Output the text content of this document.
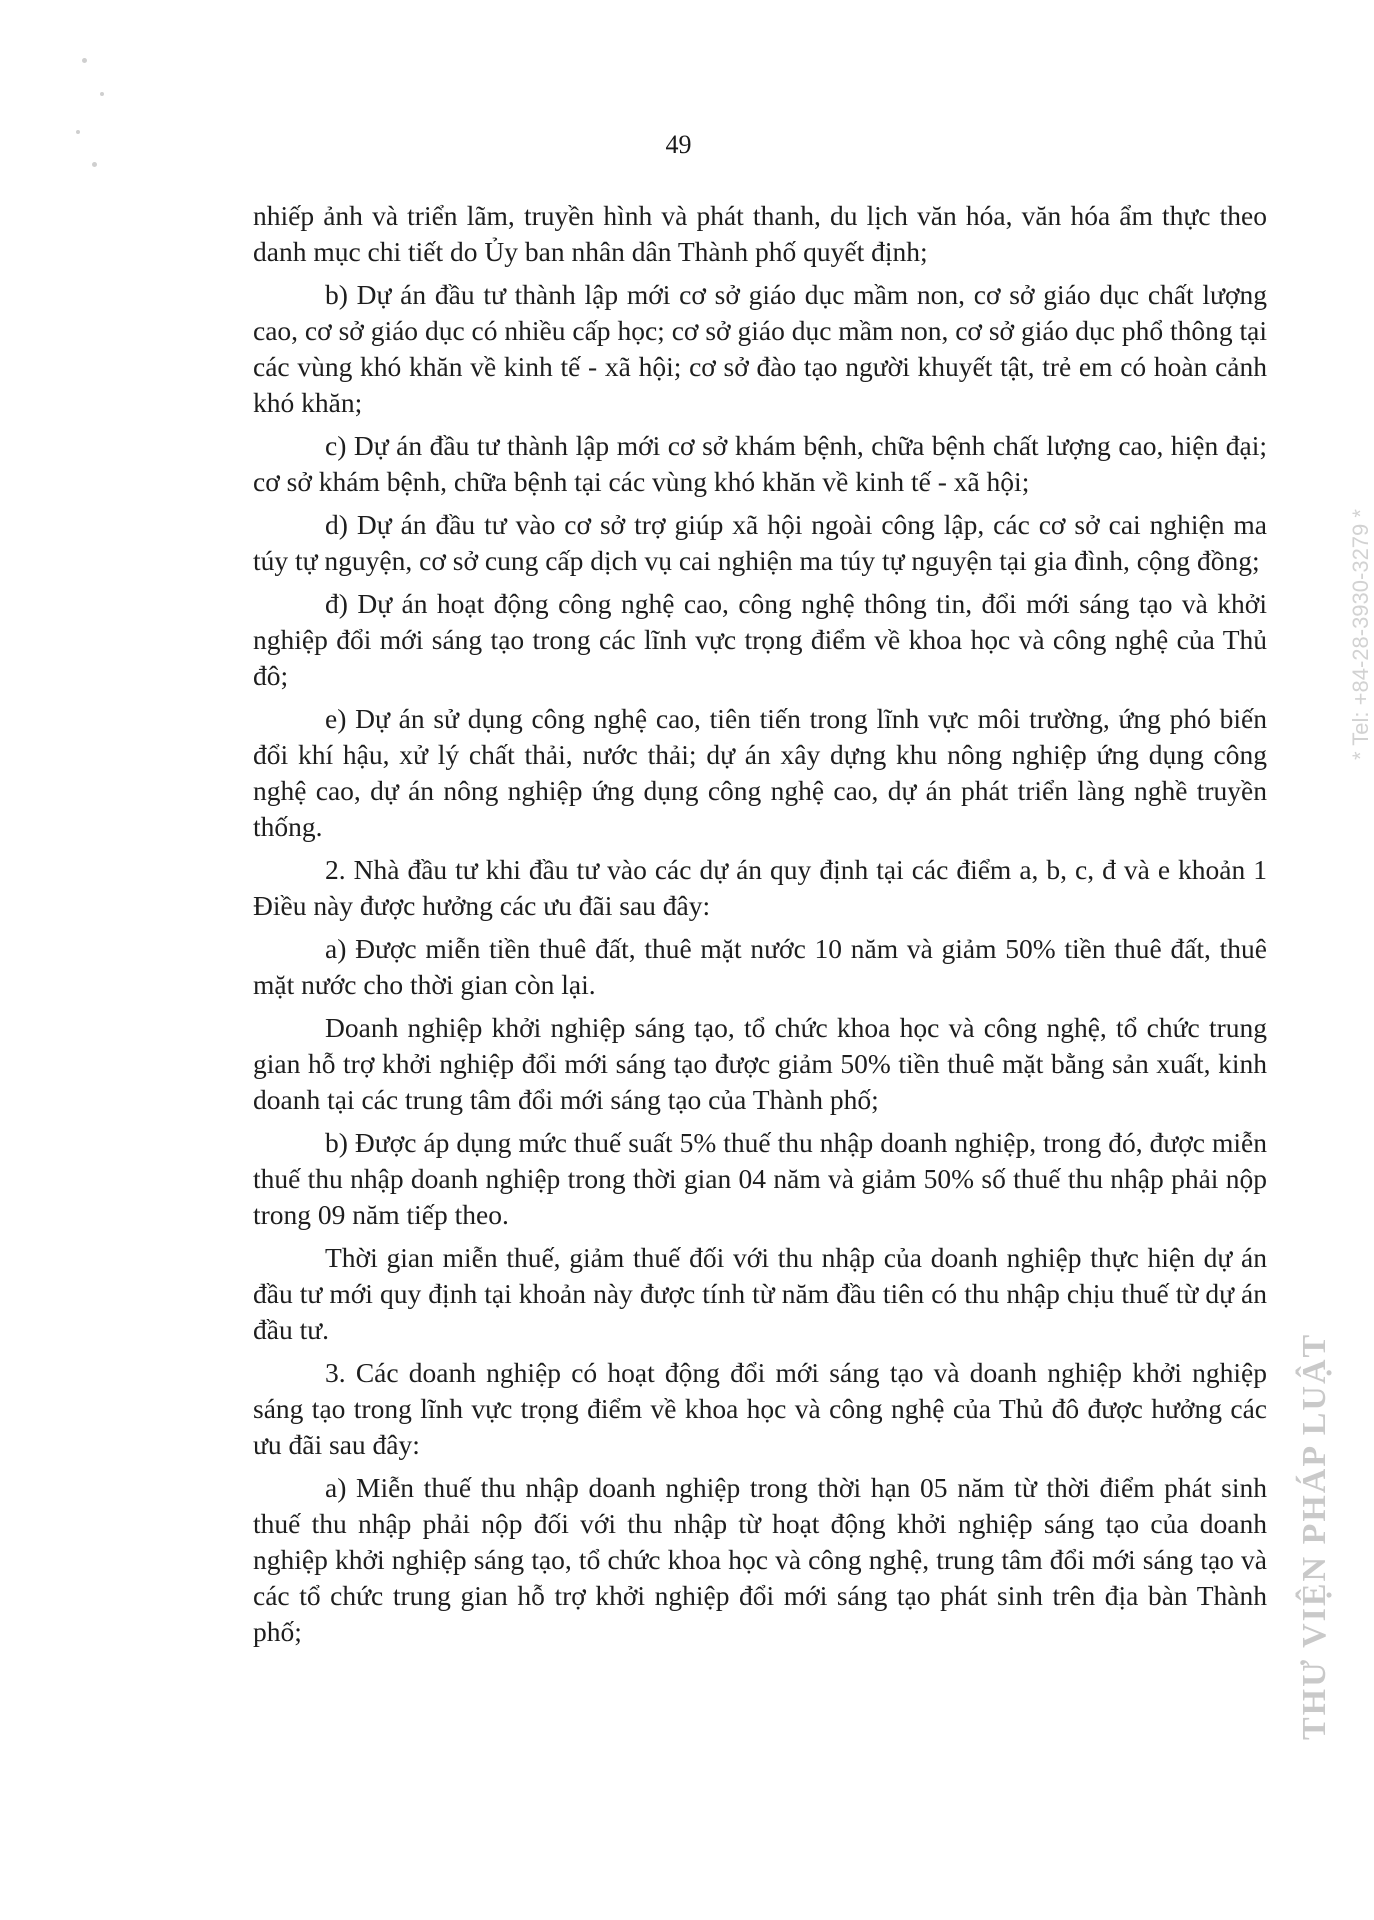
49

nhiếp ảnh và triển lãm, truyền hình và phát thanh, du lịch văn hóa, văn hóa ẩm thực theo danh mục chi tiết do Ủy ban nhân dân Thành phố quyết định;

b) Dự án đầu tư thành lập mới cơ sở giáo dục mầm non, cơ sở giáo dục chất lượng cao, cơ sở giáo dục có nhiều cấp học; cơ sở giáo dục mầm non, cơ sở giáo dục phổ thông tại các vùng khó khăn về kinh tế - xã hội; cơ sở đào tạo người khuyết tật, trẻ em có hoàn cảnh khó khăn;

c) Dự án đầu tư thành lập mới cơ sở khám bệnh, chữa bệnh chất lượng cao, hiện đại; cơ sở khám bệnh, chữa bệnh tại các vùng khó khăn về kinh tế - xã hội;

d) Dự án đầu tư vào cơ sở trợ giúp xã hội ngoài công lập, các cơ sở cai nghiện ma túy tự nguyện, cơ sở cung cấp dịch vụ cai nghiện ma túy tự nguyện tại gia đình, cộng đồng;

đ) Dự án hoạt động công nghệ cao, công nghệ thông tin, đổi mới sáng tạo và khởi nghiệp đổi mới sáng tạo trong các lĩnh vực trọng điểm về khoa học và công nghệ của Thủ đô;

e) Dự án sử dụng công nghệ cao, tiên tiến trong lĩnh vực môi trường, ứng phó biến đổi khí hậu, xử lý chất thải, nước thải; dự án xây dựng khu nông nghiệp ứng dụng công nghệ cao, dự án nông nghiệp ứng dụng công nghệ cao, dự án phát triển làng nghề truyền thống.

2. Nhà đầu tư khi đầu tư vào các dự án quy định tại các điểm a, b, c, đ và e khoản 1 Điều này được hưởng các ưu đãi sau đây:

a) Được miễn tiền thuê đất, thuê mặt nước 10 năm và giảm 50% tiền thuê đất, thuê mặt nước cho thời gian còn lại.

Doanh nghiệp khởi nghiệp sáng tạo, tổ chức khoa học và công nghệ, tổ chức trung gian hỗ trợ khởi nghiệp đổi mới sáng tạo được giảm 50% tiền thuê mặt bằng sản xuất, kinh doanh tại các trung tâm đổi mới sáng tạo của Thành phố;

b) Được áp dụng mức thuế suất 5% thuế thu nhập doanh nghiệp, trong đó, được miễn thuế thu nhập doanh nghiệp trong thời gian 04 năm và giảm 50% số thuế thu nhập phải nộp trong 09 năm tiếp theo.

Thời gian miễn thuế, giảm thuế đối với thu nhập của doanh nghiệp thực hiện dự án đầu tư mới quy định tại khoản này được tính từ năm đầu tiên có thu nhập chịu thuế từ dự án đầu tư.

3. Các doanh nghiệp có hoạt động đổi mới sáng tạo và doanh nghiệp khởi nghiệp sáng tạo trong lĩnh vực trọng điểm về khoa học và công nghệ của Thủ đô được hưởng các ưu đãi sau đây:

a) Miễn thuế thu nhập doanh nghiệp trong thời hạn 05 năm từ thời điểm phát sinh thuế thu nhập phải nộp đối với thu nhập từ hoạt động khởi nghiệp sáng tạo của doanh nghiệp khởi nghiệp sáng tạo, tổ chức khoa học và công nghệ, trung tâm đổi mới sáng tạo và các tổ chức trung gian hỗ trợ khởi nghiệp đổi mới sáng tạo phát sinh trên địa bàn Thành phố;	THƯ VIỆN PHÁP LUẬT
* Tel: +84-28-3930-3279 *
